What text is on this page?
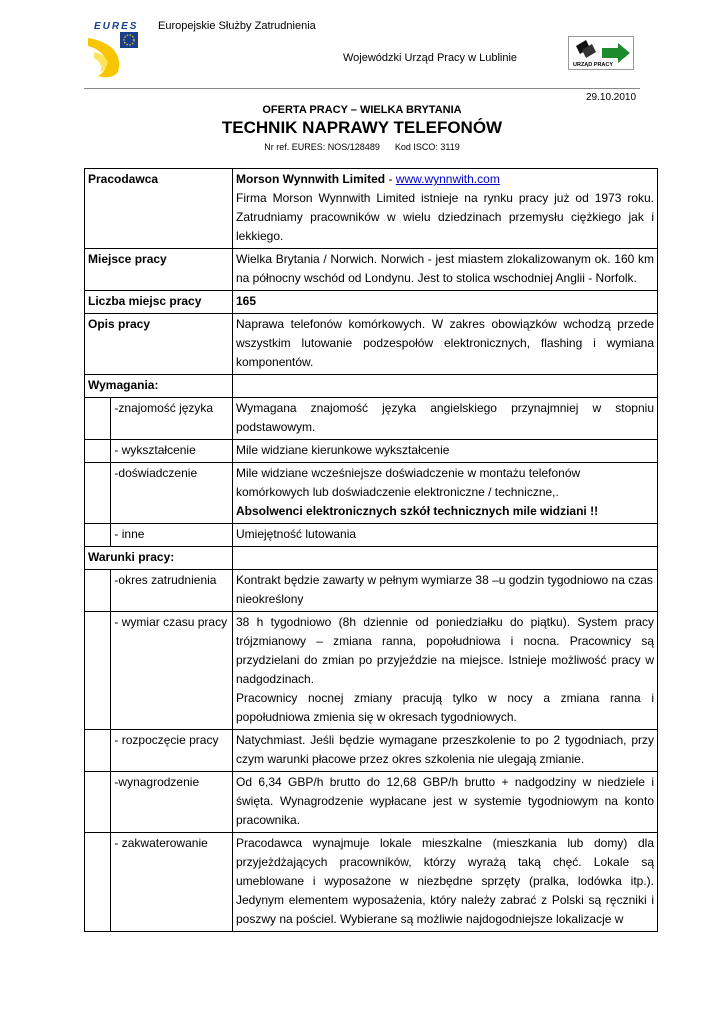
EURES Europejskie Służby Zatrudnienia
Wojewódzki Urząd Pracy w Lublinie
URZĄD PRACY
29.10.2010
OFERTA PRACY – WIELKA BRYTANIA
TECHNIK NAPRAWY TELEFONÓW
Nr ref. EURES: NOS/128489      Kod ISCO: 3119
Pracodawca		Morson Wynnwith Limited - www.wynnwith.com
Firma Morson Wynnwith Limited istnieje na rynku pracy już od 1973 roku. Zatrudniamy pracowników w wielu dziedzinach przemysłu ciężkiego jak i lekkiego.
Miejsce pracy		Wielka Brytania / Norwich. Norwich - jest miastem zlokalizowanym ok. 160 km na północny wschód od Londynu. Jest to stolica wschodniej Anglii - Norfolk.
Liczba miejsc pracy		165
Opis pracy		Naprawa telefonów komórkowych. W zakres obowiązków wchodzą przede wszystkim lutowanie podzespołów elektronicznych, flashing i wymiana komponentów.
Wymagania:		
	-znajomość języka	Wymagana znajomość języka angielskiego przynajmniej w stopniu podstawowym.
	- wykształcenie	Mile widziane kierunkowe wykształcenie
	-doświadczenie	Mile widziane wcześniejsze doświadczenie w montażu telefonów komórkowych lub doświadczenie elektroniczne / techniczne,.
Absolwenci elektronicznych szkół technicznych mile widziani !!
	- inne	Umiejętność lutowania
Warunki pracy:		
	-okres zatrudnienia	Kontrakt będzie zawarty w pełnym wymiarze 38 –u godzin tygodniowo na czas nieokreślony
	- wymiar czasu pracy	38 h tygodniowo (8h dziennie od poniedziałku do piątku). System pracy trójzmianowy – zmiana ranna, popołudniowa i nocna. Pracownicy są przydzielani do zmian po przyjeździe na miejsce. Istnieje możliwość pracy w nadgodzinach.
Pracownicy nocnej zmiany pracują tylko w nocy a zmiana ranna i popołudniowa zmienia się w okresach tygodniowych.
	- rozpoczęcie pracy	Natychmiast. Jeśli będzie wymagane przeszkolenie to po 2 tygodniach, przy czym warunki płacowe przez okres szkolenia nie ulegają zmianie.
	-wynagrodzenie	Od 6,34 GBP/h brutto do 12,68 GBP/h brutto + nadgodziny w niedziele i święta. Wynagrodzenie wypłacane jest w systemie tygodniowym na konto pracownika.
	- zakwaterowanie	Pracodawca wynajmuje lokale mieszkalne (mieszkania lub domy) dla przyjeżdżających pracowników, którzy wyrażą taką chęć. Lokale są umeblowane i wyposażone w niezbędne sprzęty (pralka, lodówka itp.). Jedynym elementem wyposażenia, który należy zabrać z Polski są ręczniki i poszwy na pościel. Wybierane są możliwie najdogodniejsze lokalizacje w
